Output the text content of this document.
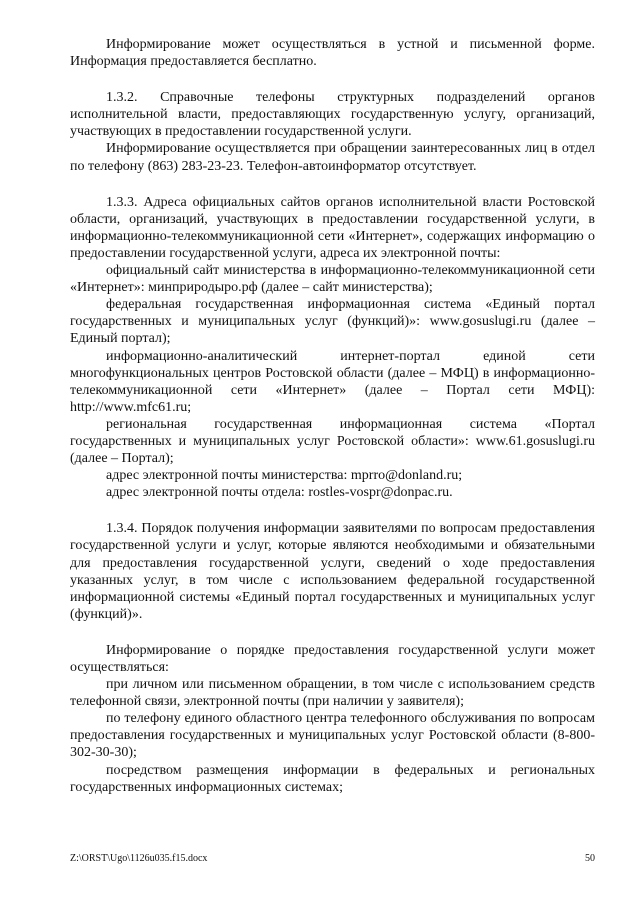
Информирование может осуществляться в устной и письменной форме. Информация предоставляется бесплатно.

1.3.2. Справочные телефоны структурных подразделений органов исполнительной власти, предоставляющих государственную услугу, организаций, участвующих в предоставлении государственной услуги.

Информирование осуществляется при обращении заинтересованных лиц в отдел по телефону (863) 283-23-23. Телефон-автоинформатор отсутствует.

1.3.3. Адреса официальных сайтов органов исполнительной власти Ростовской области, организаций, участвующих в предоставлении государственной услуги, в информационно-телекоммуникационной сети «Интернет», содержащих информацию о предоставлении государственной услуги, адреса их электронной почты:

официальный сайт министерства в информационно-телекоммуникационной сети «Интернет»: минприродыро.рф (далее – сайт министерства);

федеральная государственная информационная система «Единый портал государственных и муниципальных услуг (функций)»: www.gosuslugi.ru (далее – Единый портал);

информационно-аналитический интернет-портал единой сети многофункциональных центров Ростовской области (далее – МФЦ) в информационно-телекоммуникационной сети «Интернет» (далее – Портал сети МФЦ): http://www.mfc61.ru;

региональная государственная информационная система «Портал государственных и муниципальных услуг Ростовской области»: www.61.gosuslugi.ru (далее – Портал);

адрес электронной почты министерства: mprro@donland.ru;

адрес электронной почты отдела: rostles-vospr@donpac.ru.

1.3.4. Порядок получения информации заявителями по вопросам предоставления государственной услуги и услуг, которые являются необходимыми и обязательными для предоставления государственной услуги, сведений о ходе предоставления указанных услуг, в том числе с использованием федеральной государственной информационной системы «Единый портал государственных и муниципальных услуг (функций)».

Информирование о порядке предоставления государственной услуги может осуществляться:

при личном или письменном обращении, в том числе с использованием средств телефонной связи, электронной почты (при наличии у заявителя);

по телефону единого областного центра телефонного обслуживания по вопросам предоставления государственных и муниципальных услуг Ростовской области (8-800-302-30-30);

посредством размещения информации в федеральных и региональных государственных информационных системах;

Z:\ORST\Ugo\1126u035.f15.docx	50
